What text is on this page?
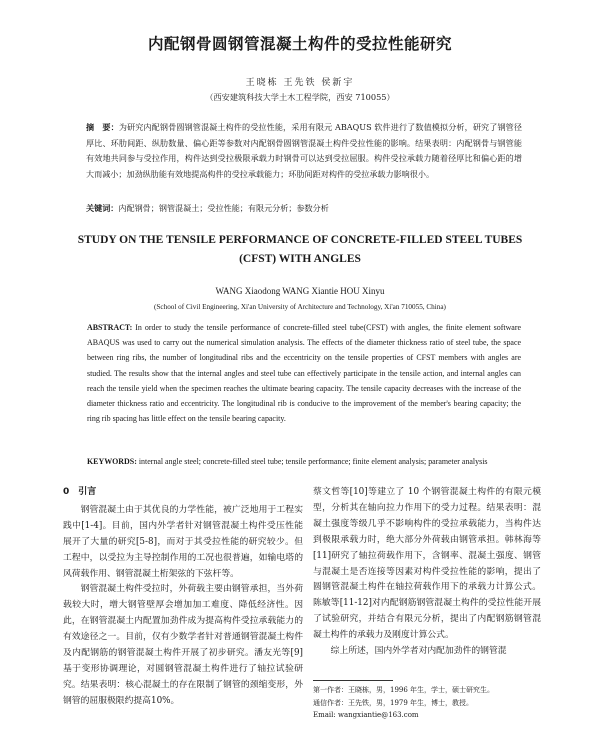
内配钢骨圆钢管混凝土构件的受拉性能研究
王晓栋 王先铁 侯新宇
（西安建筑科技大学土木工程学院，西安 710055）
摘　要：为研究内配钢骨圆钢管混凝土构件的受拉性能，采用有限元 ABAQUS 软件进行了数值模拟分析，研究了钢管径厚比、环肋间距、纵肋数量、偏心距等参数对内配钢骨圆钢管混凝土构件受拉性能的影响。结果表明：内配钢骨与钢管能有效地共同参与受拉作用，构件达到受拉极限承载力时钢骨可以达到受拉屈服。构件受拉承载力随着径厚比和偏心距的增大而减小；加劲纵肋能有效地提高构件的受拉承载能力；环肋间距对构件的受拉承载力影响很小。
关键词：内配钢骨；钢管混凝土；受拉性能；有限元分析；参数分析
STUDY ON THE TENSILE PERFORMANCE OF CONCRETE-FILLED STEEL TUBES (CFST) WITH ANGLES
WANG Xiaodong WANG Xiantie HOU Xinyu
(School of Civil Engineering, Xi'an University of Architecture and Technology, Xi'an 710055, China)
ABSTRACT: In order to study the tensile performance of concrete-filled steel tube(CFST) with angles, the finite element software ABAQUS was used to carry out the numerical simulation analysis. The effects of the diameter thickness ratio of steel tube, the space between ring ribs, the number of longitudinal ribs and the eccentricity on the tensile properties of CFST members with angles are studied. The results show that the internal angles and steel tube can effectively participate in the tensile action, and internal angles can reach the tensile yield when the specimen reaches the ultimate bearing capacity. The tensile capacity decreases with the increase of the diameter thickness ratio and eccentricity. The longitudinal rib is conducive to the improvement of the member's bearing capacity; the ring rib spacing has little effect on the tensile bearing capacity.
KEYWORDS: internal angle steel; concrete-filled steel tube; tensile performance; finite element analysis; parameter analysis
0　引言

钢管混凝土由于其优良的力学性能，被广泛地用于工程实践中[1-4]。目前，国内外学者针对钢管混凝土构件受压性能展开了大量的研究[5-8]，而对于其受拉性能的研究较少。但工程中，以受拉为主导控制作用的工况也很普遍，如输电塔的风荷载作用、钢管混凝土桁架弦的下弦杆等。

钢管混凝土构件受拉时，外荷载主要由钢管承担，当外荷载较大时，增大钢管壁厚会增加加工难度、降低经济性。因此，在钢管混凝土内配置加劲件成为提高构件受拉承载能力的有效途径之一。目前，仅有少数学者针对普通钢管混凝土构件及内配钢筋的钢管混凝土构件开展了初步研究。潘友光等[9]基于变形协调理论，对圆钢管混凝土构件进行了轴拉试验研究。结果表明：核心混凝土的存在限制了钢管的颈缩变形，外钢管的屈服极限约提高10%。

蔡文哲等[10]等建立了 10 个钢管混凝土构件的有限元模型，分析其在轴向拉力作用下的受力过程。结果表明：混凝土强度等级几乎不影响构件的受拉承载能力，当构件达到极限承载力时，绝大部分外荷载由钢管承担。韩林海等[11]研究了轴拉荷载作用下，含钢率、混凝土强度、钢管与混凝土是否连接等因素对构件受拉性能的影响，提出了圆钢管混凝土构件在轴拉荷载作用下的承载力计算公式。陈敏等[11-12]对内配钢筋钢管混凝土构件的受拉性能开展了试验研究，并结合有限元分析，提出了内配钢筋钢管混凝土构件的承载力及刚度计算公式。

综上所述，国内外学者对内配加劲件的钢管混

第一作者：王晓栋，男，1996 年生，学士，硕士研究生。
通信作者：王先铁，男，1979 年生，博士，教授。
Email: wangxiantie@163.com
